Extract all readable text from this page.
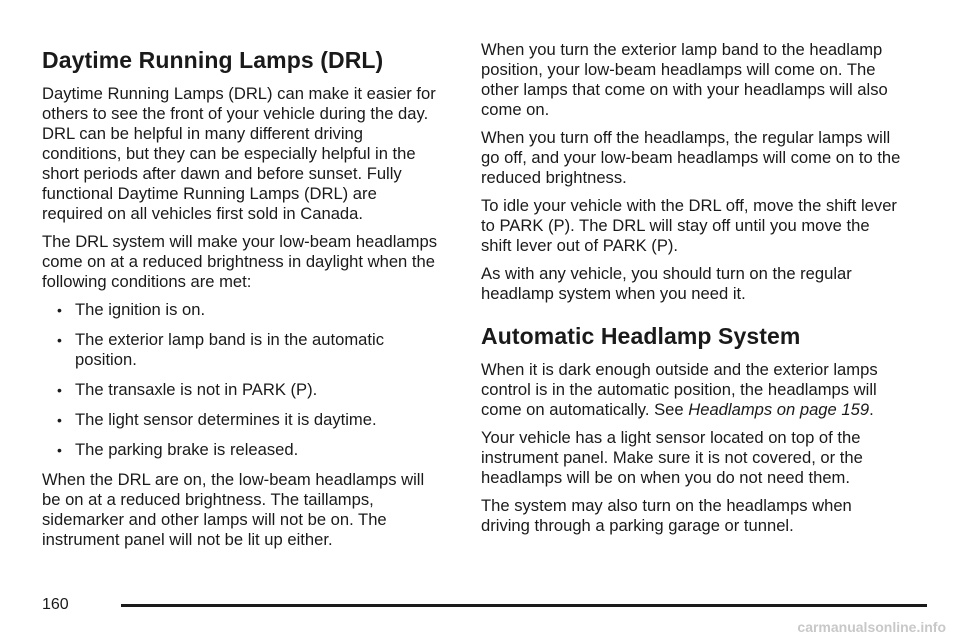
Daytime Running Lamps (DRL)

Daytime Running Lamps (DRL) can make it easier for others to see the front of your vehicle during the day. DRL can be helpful in many different driving conditions, but they can be especially helpful in the short periods after dawn and before sunset. Fully functional Daytime Running Lamps (DRL) are required on all vehicles first sold in Canada.

The DRL system will make your low-beam headlamps come on at a reduced brightness in daylight when the following conditions are met:

• The ignition is on.
• The exterior lamp band is in the automatic position.
• The transaxle is not in PARK (P).
• The light sensor determines it is daytime.
• The parking brake is released.

When the DRL are on, the low-beam headlamps will be on at a reduced brightness. The taillamps, sidemarker and other lamps will not be on. The instrument panel will not be lit up either.

When you turn the exterior lamp band to the headlamp position, your low-beam headlamps will come on. The other lamps that come on with your headlamps will also come on.

When you turn off the headlamps, the regular lamps will go off, and your low-beam headlamps will come on to the reduced brightness.

To idle your vehicle with the DRL off, move the shift lever to PARK (P). The DRL will stay off until you move the shift lever out of PARK (P).

As with any vehicle, you should turn on the regular headlamp system when you need it.

Automatic Headlamp System

When it is dark enough outside and the exterior lamps control is in the automatic position, the headlamps will come on automatically. See Headlamps on page 159.

Your vehicle has a light sensor located on top of the instrument panel. Make sure it is not covered, or the headlamps will be on when you do not need them.

The system may also turn on the headlamps when driving through a parking garage or tunnel.

160
carmanualsonline.info
